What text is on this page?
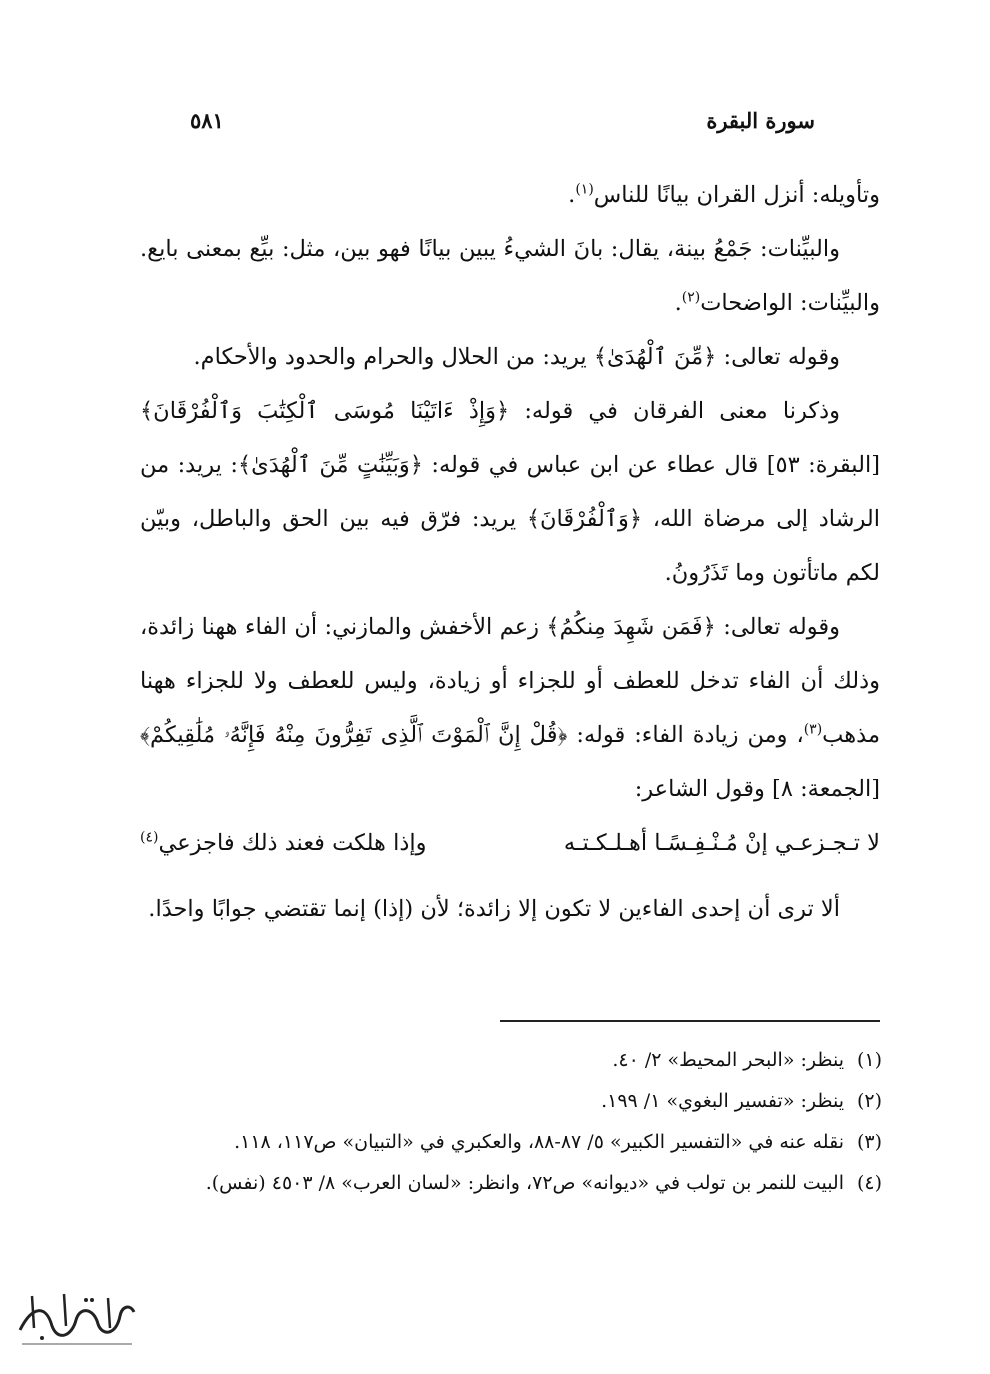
سورة البقرة
٥٨١

وتأويله: أنزل القران بيانًا للناس$^{(١)}$.

والبيِّنات: جَمْعُ بينة، يقال: بانَ الشيءُ يبين بيانًا فهو بين، مثل: بيِّع بمعنى بايع. والبيِّنات: الواضحات$^{(٢)}$.

وقوله تعالى: ﴿مِّنَ ٱلْهُدَىٰ﴾ يريد: من الحلال والحرام والحدود والأحكام.

وذكرنا معنى الفرقان في قوله: ﴿وَإِذْ ءَاتَيْنَا مُوسَى ٱلْكِتَٰبَ وَٱلْفُرْقَانَ﴾ [البقرة: ٥٣] قال عطاء عن ابن عباس في قوله: ﴿وَبَيِّنَٰتٍ مِّنَ ٱلْهُدَىٰ﴾: يريد: من الرشاد إلى مرضاة الله، ﴿وَٱلْفُرْقَانَ﴾ يريد: فرّق فيه بين الحق والباطل، وبيّن لكم ماتأتون وما تَذَرُونُ.

وقوله تعالى: ﴿فَمَن شَهِدَ مِنكُمُ﴾ زعم الأخفش والمازني: أن الفاء ههنا زائدة، وذلك أن الفاء تدخل للعطف أو للجزاء أو زيادة، وليس للعطف ولا للجزاء ههنا مذهب$^{(٣)}$، ومن زيادة الفاء: قوله: ﴿قُلْ إِنَّ ٱلْمَوْتَ ٱلَّذِى تَفِرُّونَ مِنْهُ فَإِنَّهُۥ مُلَٰقِيكُمْ﴾ [الجمعة: ٨] وقول الشاعر:

لا تـجـزعـي إنْ مُـنْـفِـسًـا أهـلـكـتـه
وإذا هلكت فعند ذلك فاجزعي$^{(٤)}$

ألا ترى أن إحدى الفاءين لا تكون إلا زائدة؛ لأن (إذا) إنما تقتضي جوابًا واحدًا.

(١)
ينظر: «البحر المحيط» ٢/ ٤٠.
(٢)
ينظر: «تفسير البغوي» ١/ ١٩٩.
(٣)
نقله عنه في «التفسير الكبير» ٥/ ٨٧-٨٨، والعكبري في «التبيان» ص١١٧، ١١٨.
(٤)
البيت للنمر بن تولب في «ديوانه» ص٧٢، وانظر: «لسان العرب» ٨/ ٤٥٠٣ (نفس).
